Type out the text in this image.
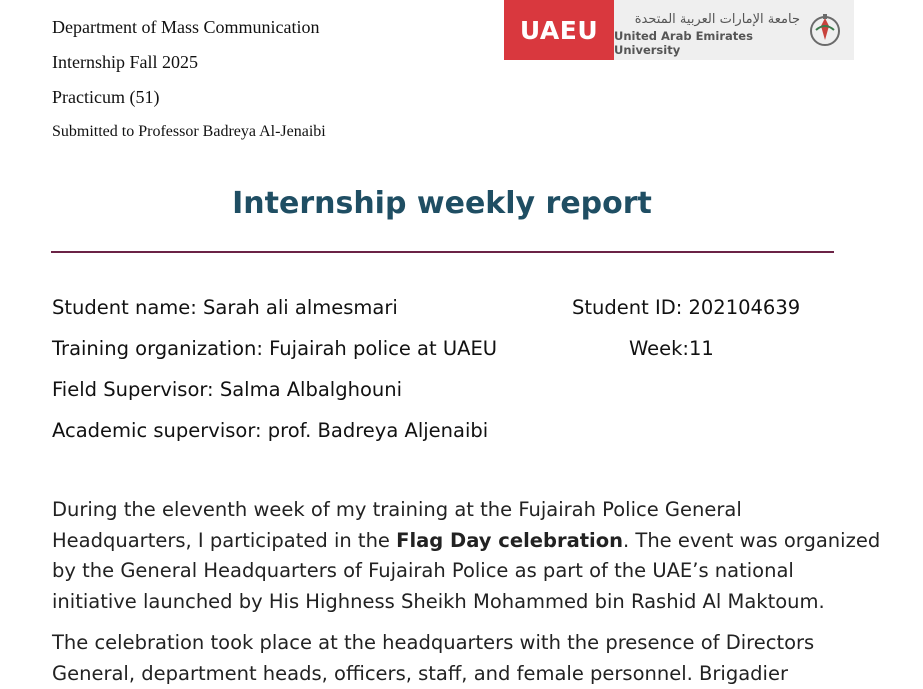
Department of Mass Communication
Internship Fall 2025
Practicum (51)
Submitted to Professor Badreya Al-Jenaibi
UAEU	جامعة الإمارات العربية المتحدة
United Arab Emirates University
Internship weekly report
Student name: Sarah ali almesmari	Student ID: 202104639
Training organization: Fujairah police at UAEU	Week:11
Field Supervisor: Salma Albalghouni
Academic supervisor: prof. Badreya Aljenaibi
During the eleventh week of my training at the Fujairah Police General
Headquarters, I participated in the Flag Day celebration. The event was organized
by the General Headquarters of Fujairah Police as part of the UAE’s national
initiative launched by His Highness Sheikh Mohammed bin Rashid Al Maktoum.
The celebration took place at the headquarters with the presence of Directors
General, department heads, officers, staff, and female personnel. Brigadier
